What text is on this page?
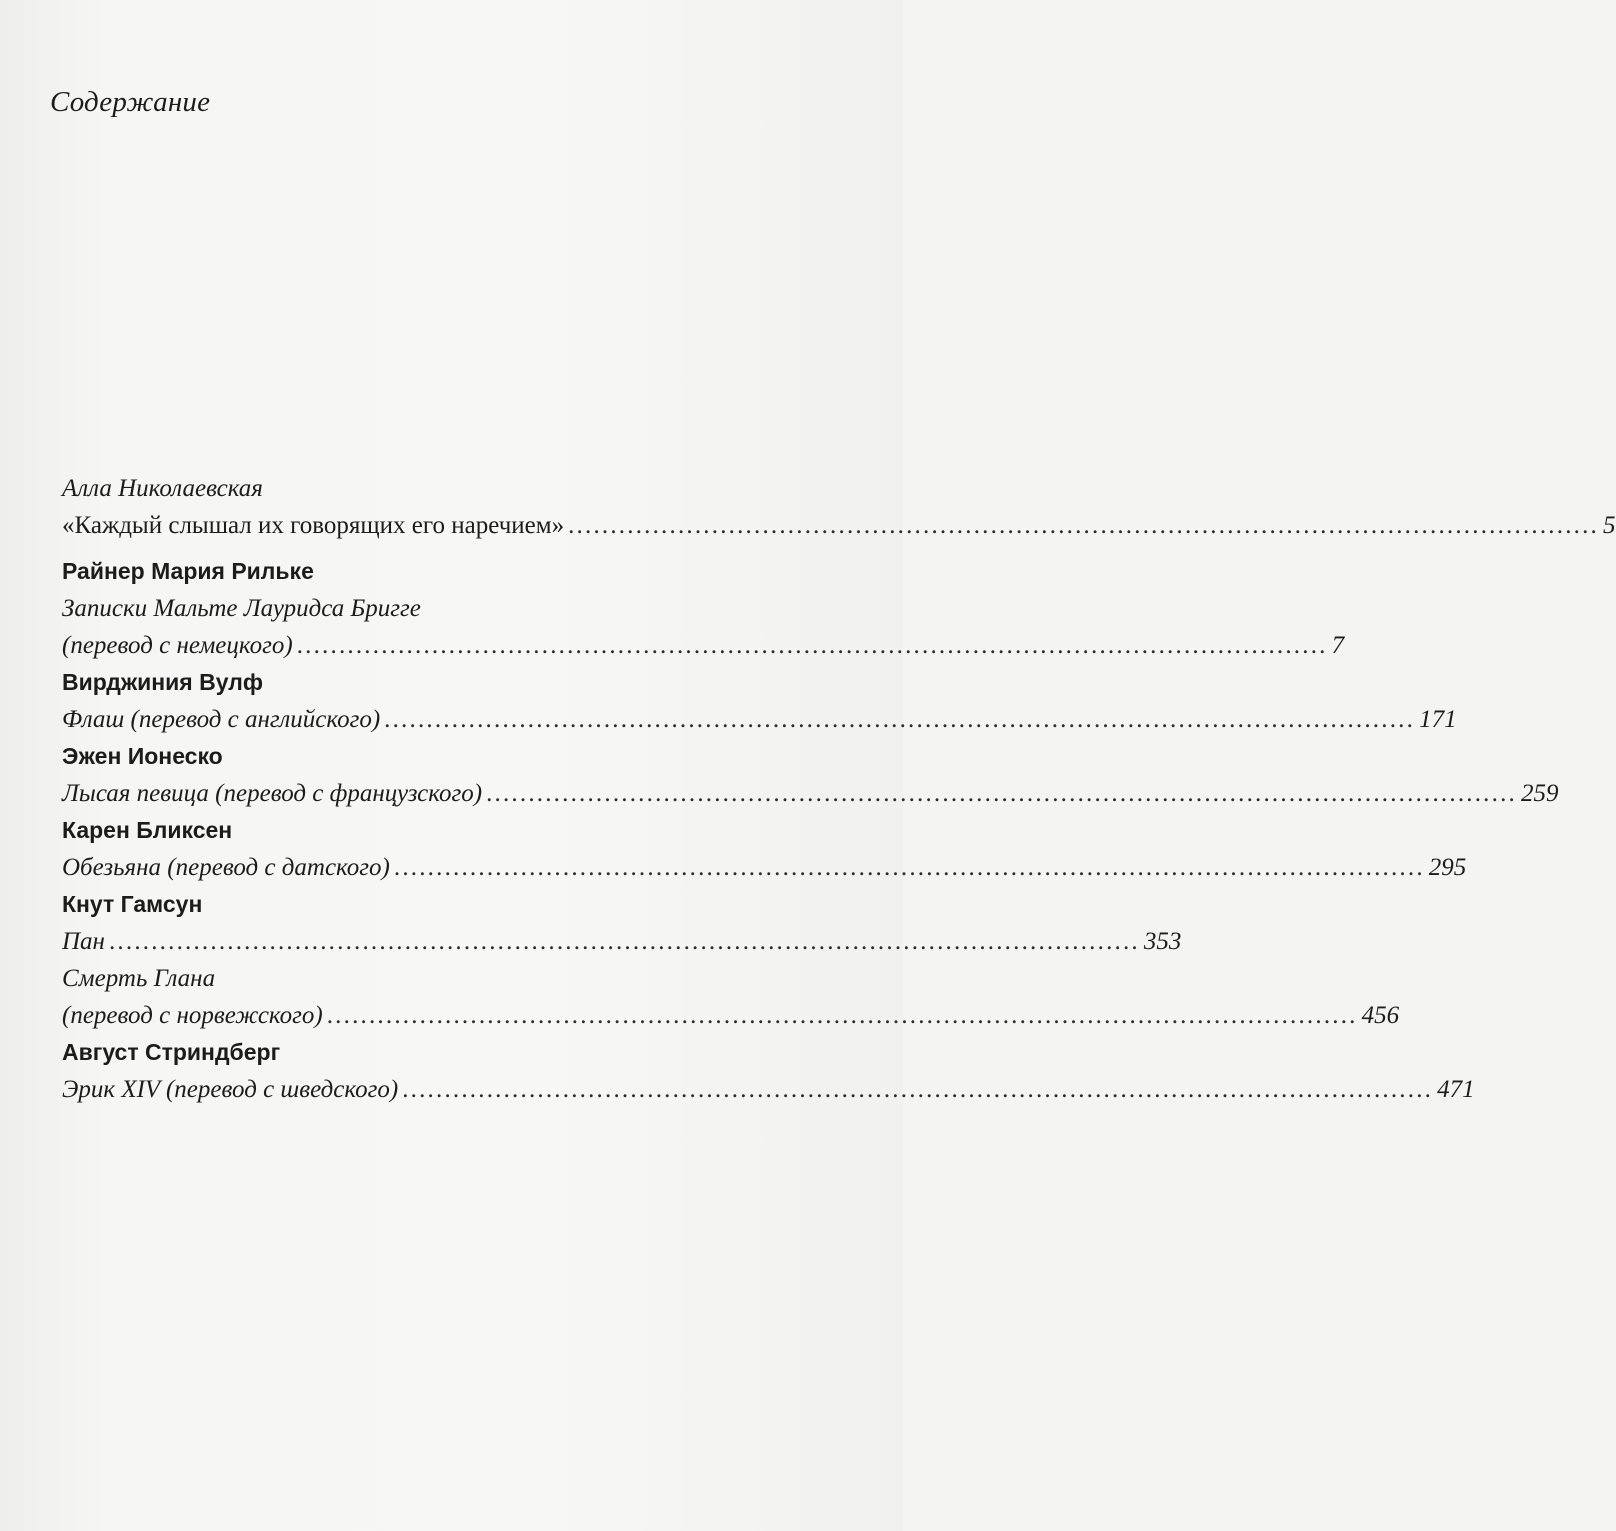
Содержание
Алла Николаевская
«Каждый слышал их говорящих его наречием» .......................................................................................................................... 5
Райнер Мария Рильке
Записки Мальте Лауридса Бригге
(перевод с немецкого) .......................................................................................................................... 7
Вирджиния Вулф
Флаш (перевод с английского) .......................................................................................................................... 171
Эжен Ионеско
Лысая певица (перевод с французского) .......................................................................................................................... 259
Карен Бликсен
Обезьяна (перевод с датского) .......................................................................................................................... 295
Кнут Гамсун
Пан .......................................................................................................................... 353
Смерть Глана
(перевод с норвежского) .......................................................................................................................... 456
Август Стриндберг
Эрик XIV (перевод с шведского) .......................................................................................................................... 471
